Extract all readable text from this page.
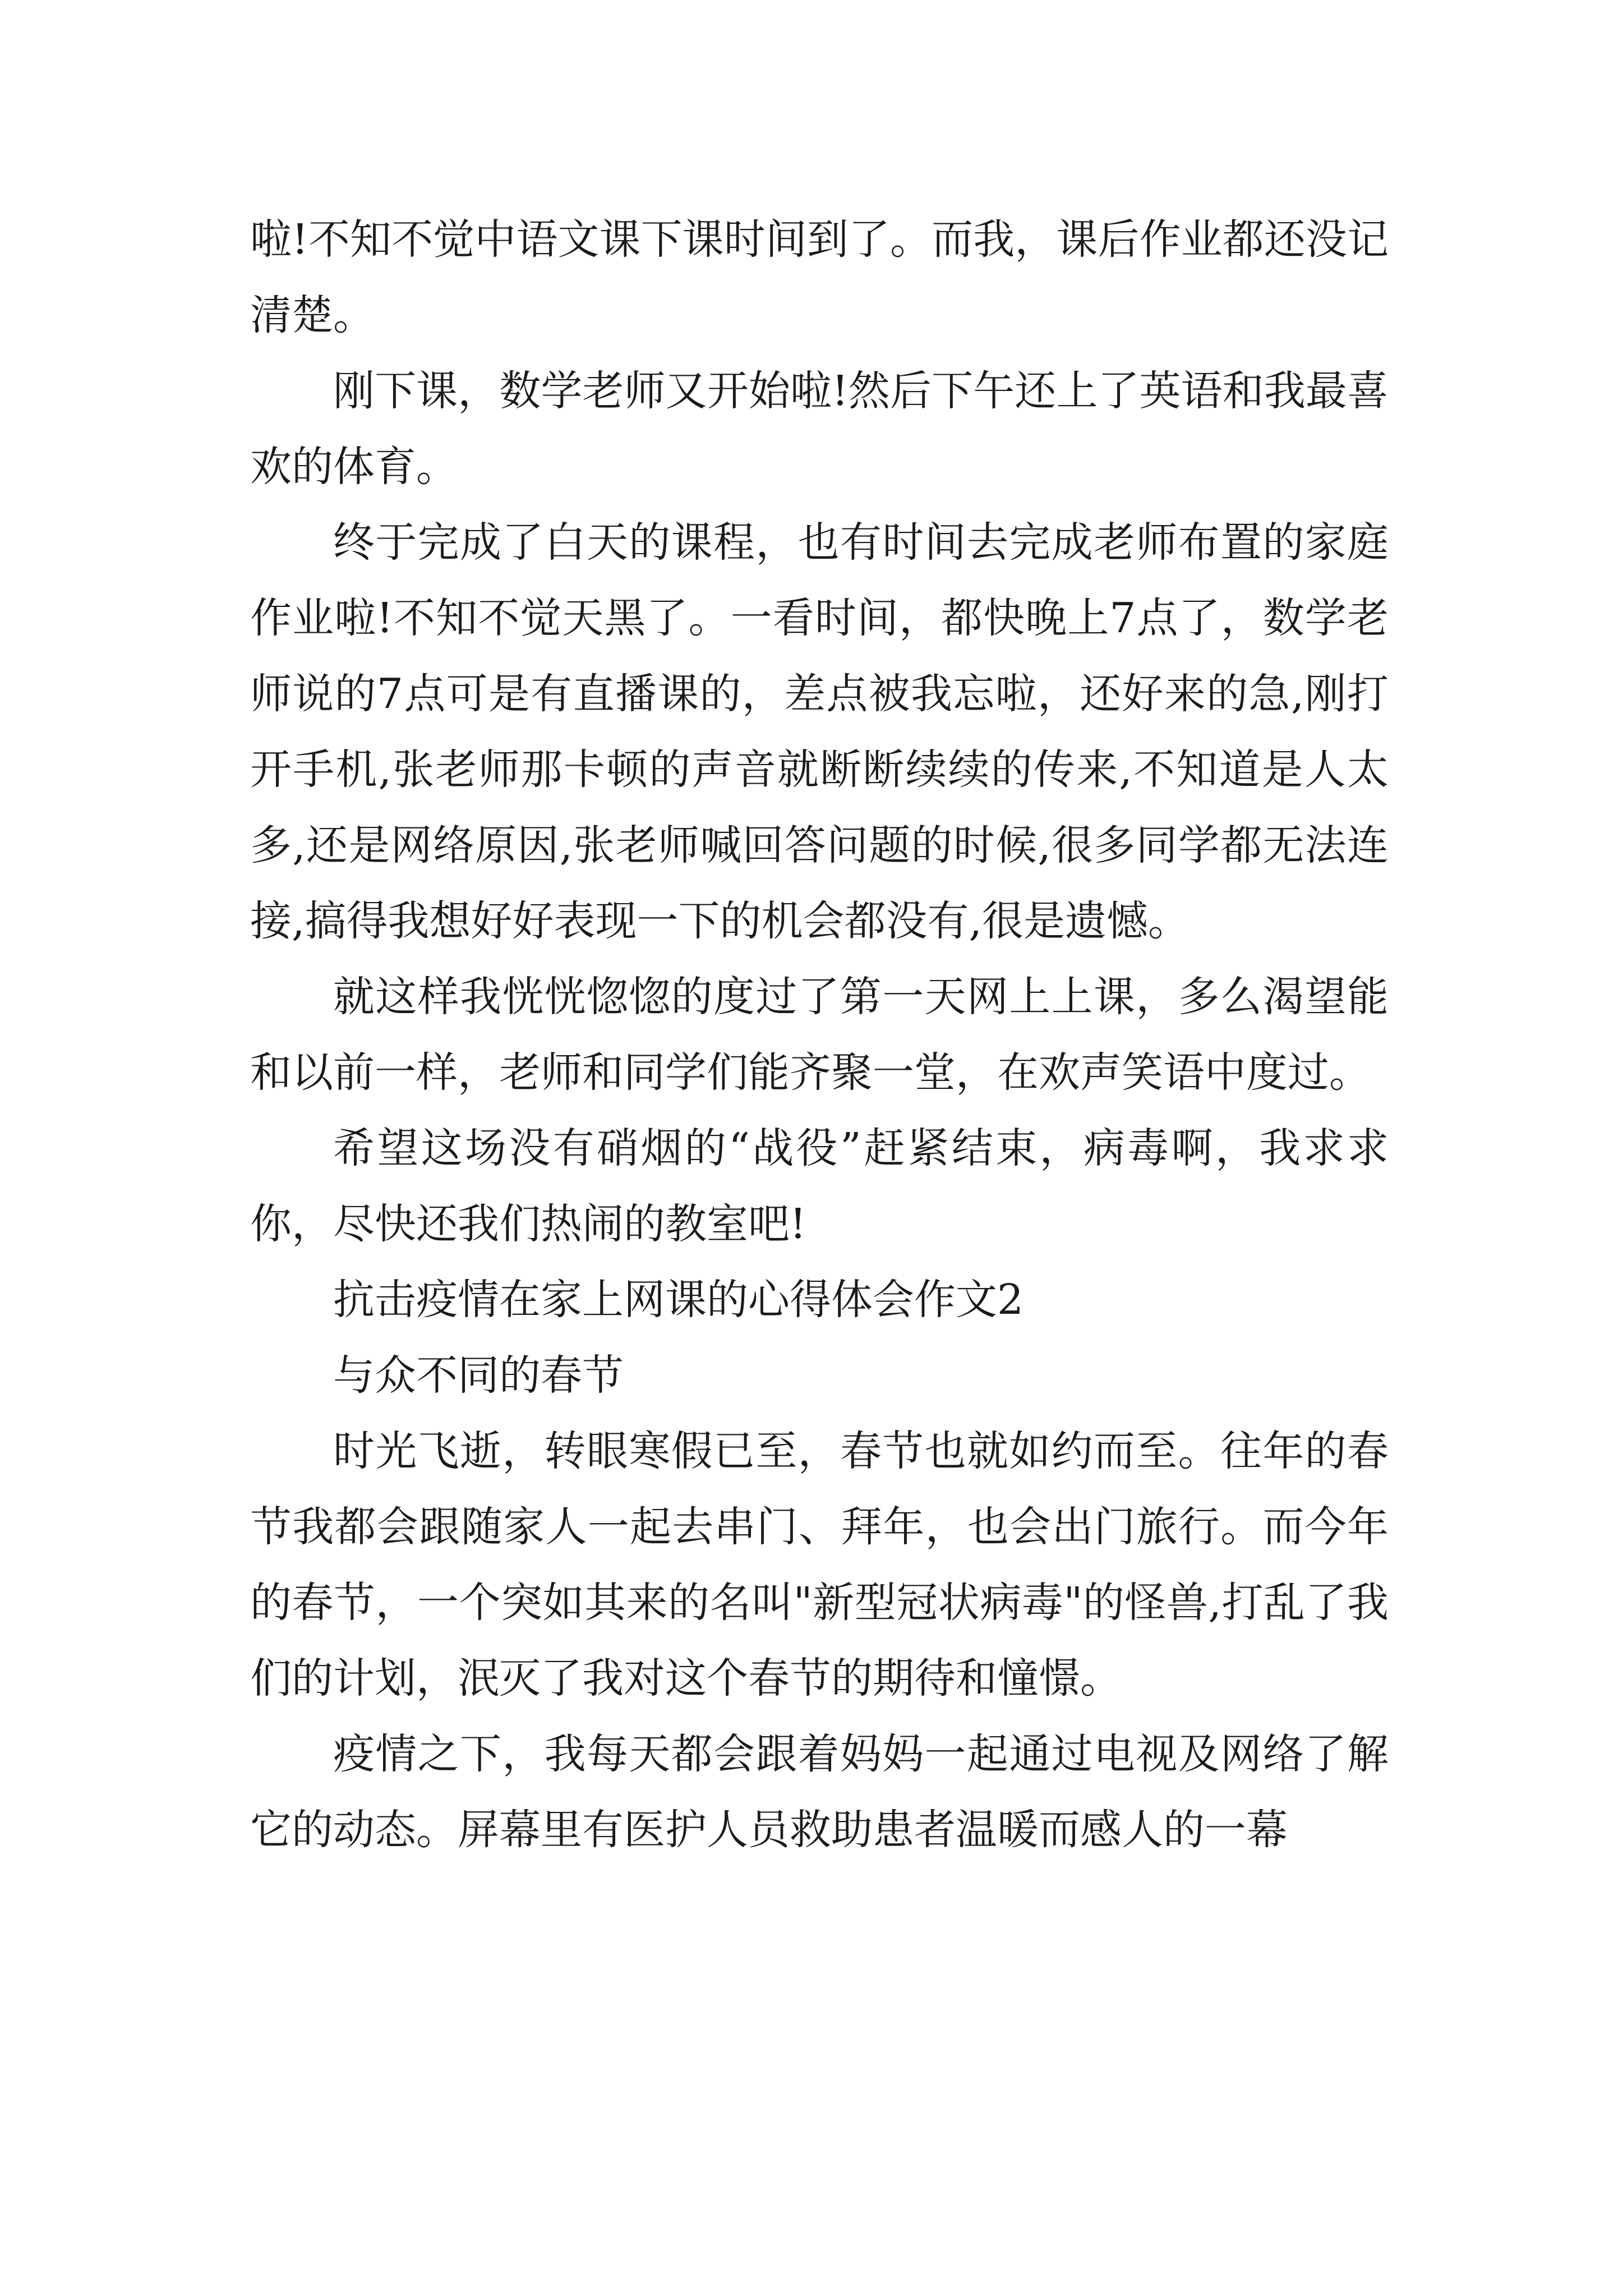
啦!不知不觉中语文课下课时间到了。而我，课后作业都还没记清楚。

刚下课，数学老师又开始啦!然后下午还上了英语和我最喜欢的体育。

终于完成了白天的课程，也有时间去完成老师布置的家庭作业啦!不知不觉天黑了。一看时间，都快晚上7点了，数学老师说的7点可是有直播课的，差点被我忘啦，还好来的急,刚打开手机,张老师那卡顿的声音就断断续续的传来,不知道是人太多,还是网络原因,张老师喊回答问题的时候,很多同学都无法连接,搞得我想好好表现一下的机会都没有,很是遗憾。

就这样我恍恍惚惚的度过了第一天网上上课，多么渴望能和以前一样，老师和同学们能齐聚一堂，在欢声笑语中度过。

希望这场没有硝烟的“战役”赶紧结束，病毒啊，我求求你，尽快还我们热闹的教室吧!

抗击疫情在家上网课的心得体会作文2

与众不同的春节

时光飞逝，转眼寒假已至，春节也就如约而至。往年的春节我都会跟随家人一起去串门、拜年，也会出门旅行。而今年的春节，一个突如其来的名叫"新型冠状病毒"的怪兽,打乱了我们的计划，泯灭了我对这个春节的期待和憧憬。

疫情之下，我每天都会跟着妈妈一起通过电视及网络了解它的动态。屏幕里有医护人员救助患者温暖而感人的一幕
